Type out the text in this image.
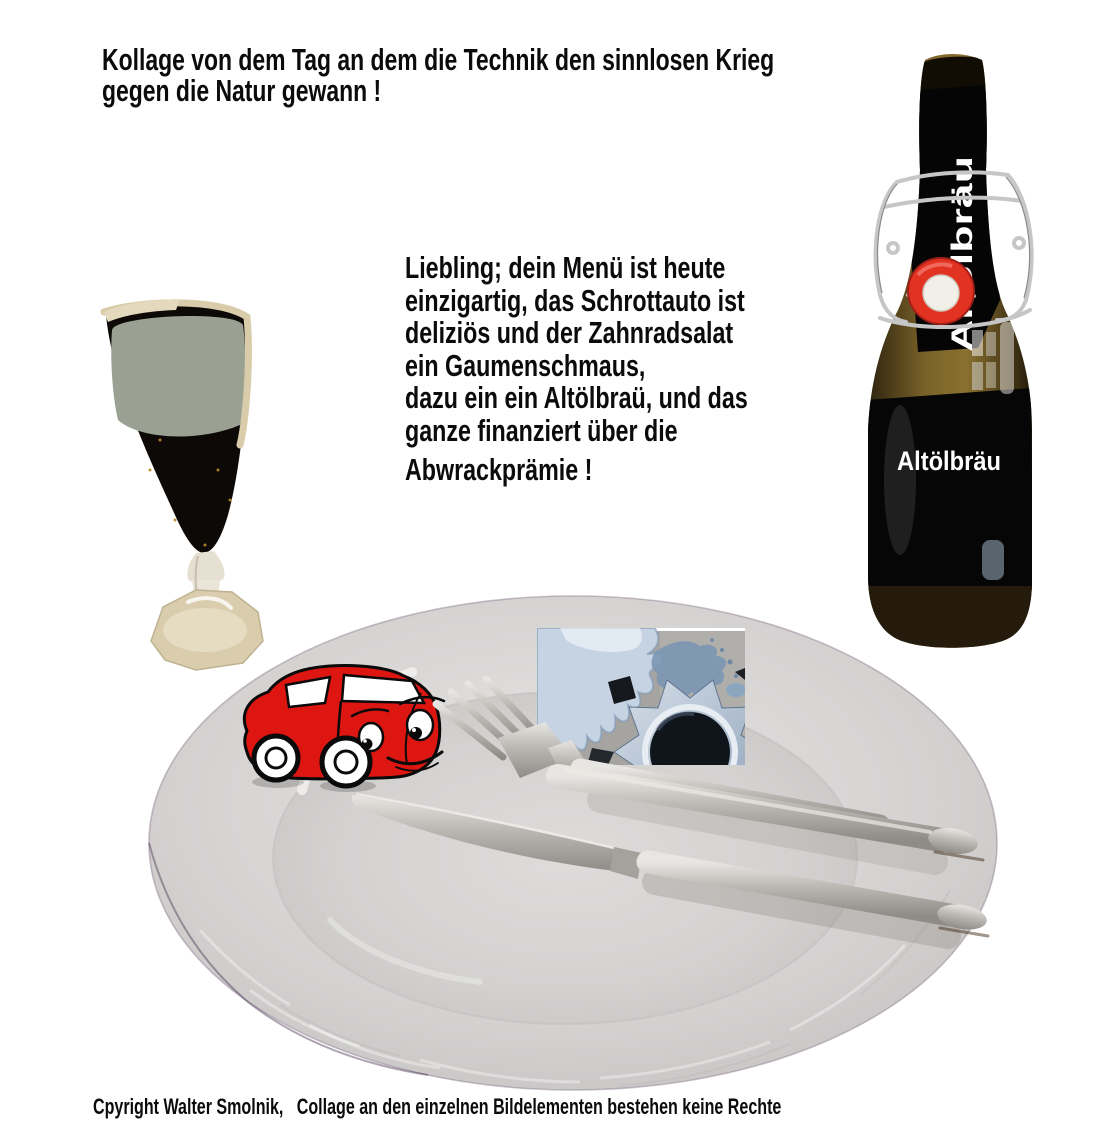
Altölbräu
Kollage von dem Tag an dem die Technik den sinnlosen Krieg
gegen die Natur gewann !
Liebling; dein Menü ist heute
einzigartig, das Schrottauto ist
deliziös und der Zahnradsalat
ein Gaumenschmaus,
dazu ein ein Altölbraü, und das
ganze finanziert über die
Abwrackprämie !
Cpyright Walter Smolnik,   Collage an den einzelnen Bildelementen bestehen keine Rechte
